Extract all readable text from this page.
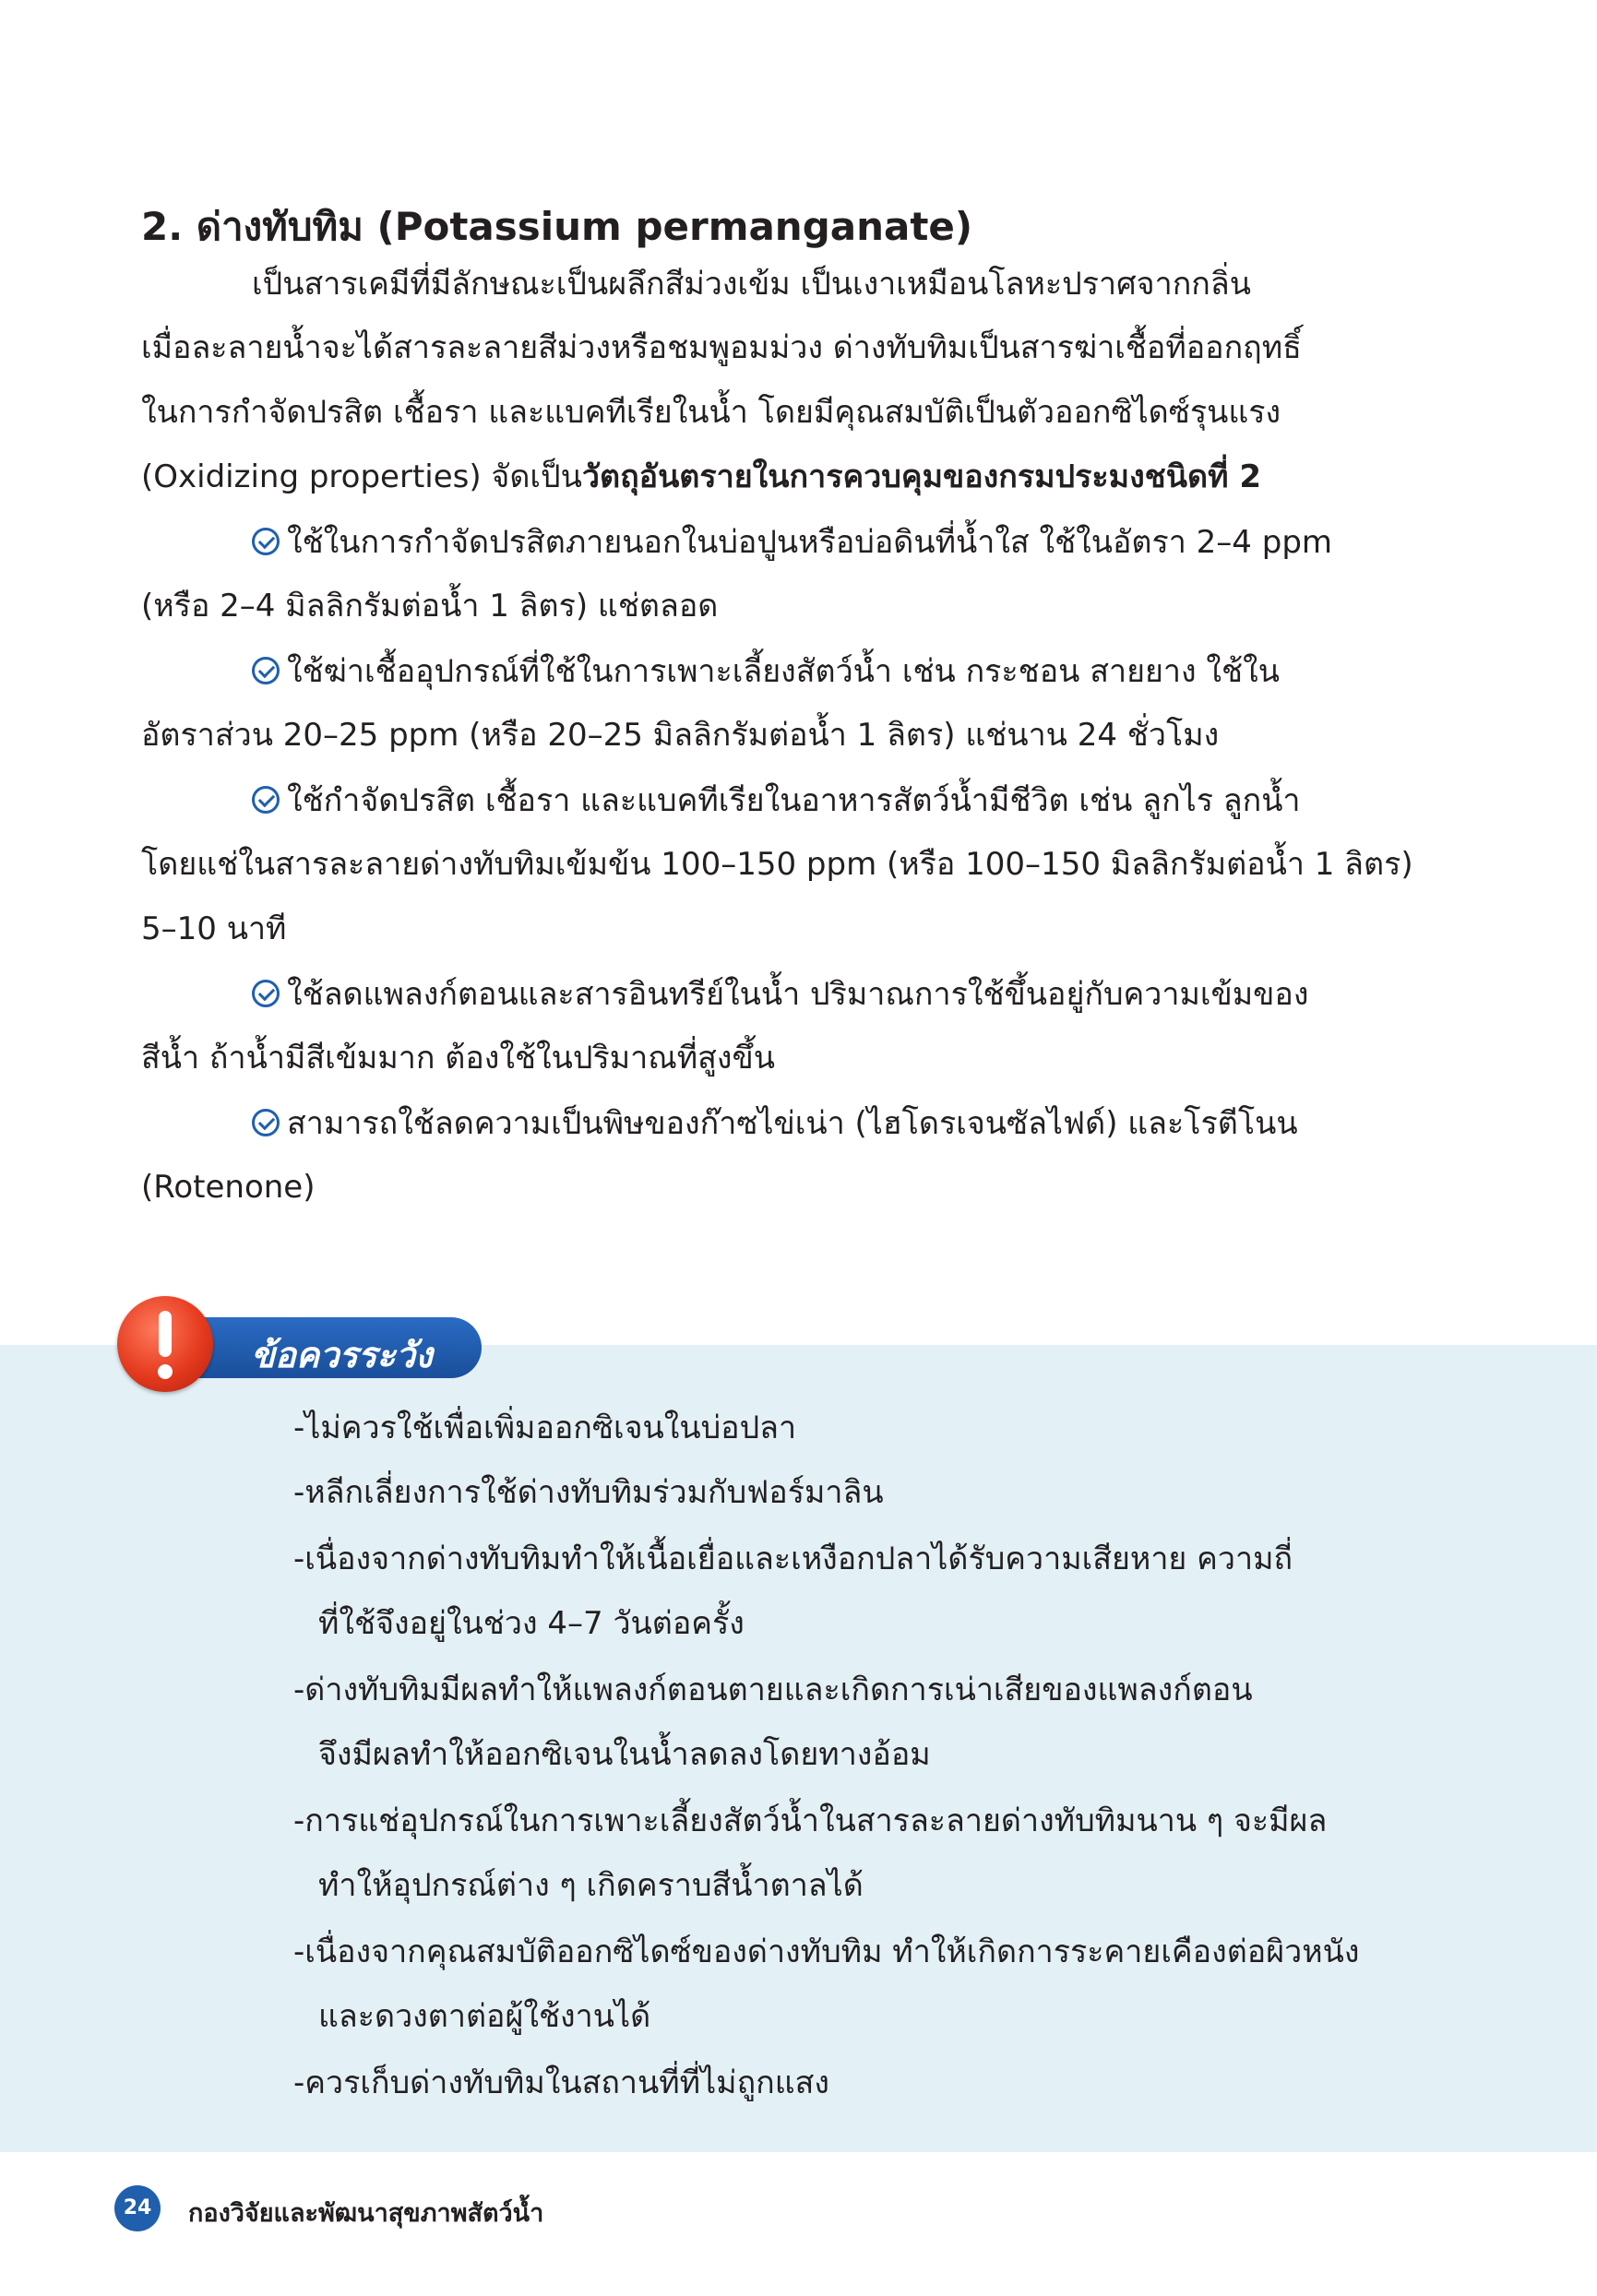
2. ด่างทับทิม (Potassium permanganate)
เป็นสารเคมีที่มีลักษณะเป็นผลึกสีม่วงเข้ม เป็นเงาเหมือนโลหะปราศจากกลิ่น
เมื่อละลายน้ำจะได้สารละลายสีม่วงหรือชมพูอมม่วง ด่างทับทิมเป็นสารฆ่าเชื้อที่ออกฤทธิ์
ในการกำจัดปรสิต เชื้อรา และแบคทีเรียในน้ำ โดยมีคุณสมบัติเป็นตัวออกซิไดซ์รุนแรง
(Oxidizing properties) จัดเป็นวัตถุอันตรายในการควบคุมของกรมประมงชนิดที่ 2
ใช้ในการกำจัดปรสิตภายนอกในบ่อปูนหรือบ่อดินที่น้ำใส ใช้ในอัตรา 2–4 ppm
(หรือ 2–4 มิลลิกรัมต่อน้ำ 1 ลิตร) แช่ตลอด
ใช้ฆ่าเชื้ออุปกรณ์ที่ใช้ในการเพาะเลี้ยงสัตว์น้ำ เช่น กระชอน สายยาง ใช้ใน
อัตราส่วน 20–25 ppm (หรือ 20–25 มิลลิกรัมต่อน้ำ 1 ลิตร) แช่นาน 24 ชั่วโมง
ใช้กำจัดปรสิต เชื้อรา และแบคทีเรียในอาหารสัตว์น้ำมีชีวิต เช่น ลูกไร ลูกน้ำ
โดยแช่ในสารละลายด่างทับทิมเข้มข้น 100–150 ppm (หรือ 100–150 มิลลิกรัมต่อน้ำ 1 ลิตร)
5–10 นาที
ใช้ลดแพลงก์ตอนและสารอินทรีย์ในน้ำ ปริมาณการใช้ขึ้นอยู่กับความเข้มของ
สีน้ำ ถ้าน้ำมีสีเข้มมาก ต้องใช้ในปริมาณที่สูงขึ้น
สามารถใช้ลดความเป็นพิษของก๊าซไข่เน่า (ไฮโดรเจนซัลไฟด์) และโรตีโนน
(Rotenone)
ข้อควรระวัง
-ไม่ควรใช้เพื่อเพิ่มออกซิเจนในบ่อปลา
-หลีกเลี่ยงการใช้ด่างทับทิมร่วมกับฟอร์มาลิน
-เนื่องจากด่างทับทิมทำให้เนื้อเยื่อและเหงือกปลาได้รับความเสียหาย ความถี่
ที่ใช้จึงอยู่ในช่วง 4–7 วันต่อครั้ง
-ด่างทับทิมมีผลทำให้แพลงก์ตอนตายและเกิดการเน่าเสียของแพลงก์ตอน
จึงมีผลทำให้ออกซิเจนในน้ำลดลงโดยทางอ้อม
-การแช่อุปกรณ์ในการเพาะเลี้ยงสัตว์น้ำในสารละลายด่างทับทิมนาน ๆ จะมีผล
ทำให้อุปกรณ์ต่าง ๆ เกิดคราบสีน้ำตาลได้
-เนื่องจากคุณสมบัติออกซิไดซ์ของด่างทับทิม ทำให้เกิดการระคายเคืองต่อผิวหนัง
และดวงตาต่อผู้ใช้งานได้
-ควรเก็บด่างทับทิมในสถานที่ที่ไม่ถูกแสง
24	กองวิจัยและพัฒนาสุขภาพสัตว์น้ำ
